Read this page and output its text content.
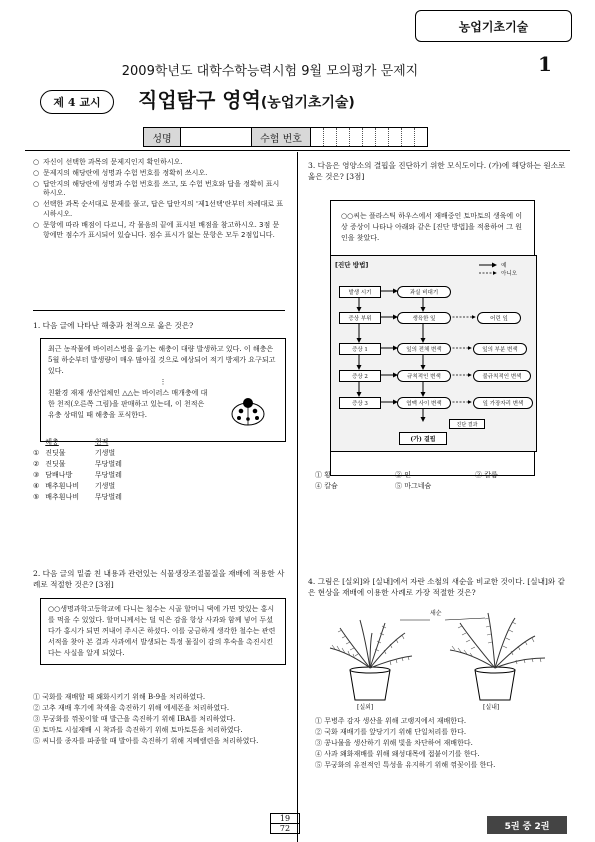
농업기초기술
2009학년도 대학수학능력시험 9월 모의평가 문제지	1
제 4 교시	직업탐구 영역(농업기초기술)
성명	수험 번호
○ 자신이 선택한 과목의 문제지인지 확인하시오.
○ 문제지의 해당란에 성명과 수험 번호를 정확히 쓰시오.
○ 답안지의 해당란에 성명과 수험 번호를 쓰고, 또 수험 번호와 답을 정확히 표시하시오.
○ 선택한 과목 순서대로 문제를 풀고, 답은 답안지의 '제1선택'란부터 차례대로 표시하시오.
○ 문항에 따라 배점이 다르니, 각 물음의 끝에 표시된 배점을 참고하시오. 3점 문항에만 점수가 표시되어 있습니다. 점수 표시가 없는 문항은 모두 2점입니다.
1. 다음 글에 나타난 해충과 천적으로 옳은 것은?
최근 농작물에 바이러스병을 옮기는 해충이 대량 발생하고 있다. 이 해충은 5월 하순부터 발생량이 매우 많아질 것으로 예상되어 적기 방제가 요구되고 있다.
⋮
친환경 재재 생산업체인 △△는 바이러스 매개충에 대한 천적(오른쪽 그림)을 판매하고 있는데, 이 천적은 유충 상태일 때 해충을 포식한다.
	해충	천적
①	진딧물	기생벌
②	진딧물	무당벌레
③	담배나방	무당벌레
④	배추흰나비	기생벌
⑤	배추흰나비	무당벌레
2. 다음 글의 밑줄 친 내용과 관련있는 식물생장조절물질을 재배에 적용한 사례로 적절한 것은? [3점]
○○생명과학고등학교에 다니는 철수는 시골 할머니 댁에 가면 맛있는 홍시를 먹을 수 있었다. 할머니께서는 덜 익은 감을 항상 사과와 함께 넣어 두셨다가 홍시가 되면 꺼내어 주시곤 하셨다. 이를 궁금하게 생각한 철수는 관련 서적을 찾아 본 결과 사과에서 발생되는 특정 물질이 감의 후숙을 촉진시킨다는 사실을 알게 되었다.
① 국화를 재배할 때 왜화시키기 위해 B-9을 처리하였다.
② 고추 재배 후기에 착색을 촉진하기 위해 에세폰을 처리하였다.
③ 무궁화를 꺾꽂이할 때 발근을 촉진하기 위해 IBA를 처리하였다.
④ 토마토 시설재배 시 착과를 촉진하기 위해 토마토톤을 처리하였다.
⑤ 씨니를 종자를 파종할 때 발아를 촉진하기 위해 지베렐린을 처리하였다.
3. 다음은 영양소의 결핍을 진단하기 위한 모식도이다. (가)에 해당하는 원소로 옳은 것은? [3점]
○○씨는 플라스틱 하우스에서 재배중인 토마토의 생육에 이상 증상이 나타나 아래와 같은 [진단 방법]을 적용하여 그 원인을 찾았다.
[진단 방법]	예
아니오
발생 시기	과실 비대기
증상 부위	생육한 잎	어린 잎
증상 1	잎의 전체 변색	잎의 부분 변색
증상 2	규칙적인 변색	불규칙적인 변색
증상 3	엽맥 사이 변색	잎 가장자리 변색
진단 결과
(가) 결핍
① 황	② 인	③ 칼륨
④ 칼슘	⑤ 마그네슘
4. 그림은 [실외]와 [실내]에서 자란 소철의 새순을 비교한 것이다. [실내]와 같은 현상을 재배에 이용한 사례로 가장 적절한 것은?
새순
[실외]	[실내]
① 무병주 감자 생산을 위해 고랭지에서 재배한다.
② 국화 재배기를 앞당기기 위해 단일처리를 한다.
③ 콩나물을 생산하기 위해 빛을 차단하여 재배한다.
④ 사과 왜화재배를 위해 왜성대목에 접붙이기를 한다.
⑤ 무궁화의 유전적인 특성을 유지하기 위해 꺾꽂이를 한다.
19
72	5권 중 2권
